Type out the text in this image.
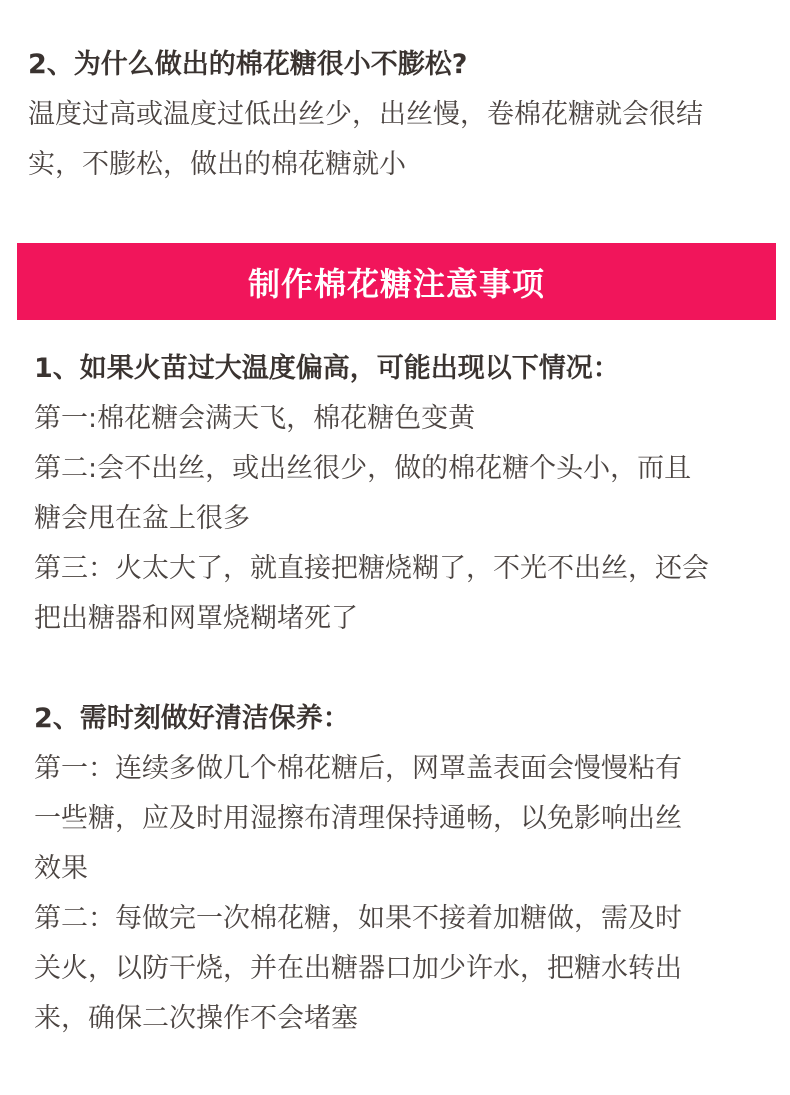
2、为什么做出的棉花糖很小不膨松?

温度过高或温度过低出丝少，出丝慢，卷棉花糖就会很结

实，不膨松，做出的棉花糖就小

制作棉花糖注意事项

1、如果火苗过大温度偏高，可能出现以下情况：

第一:棉花糖会满天飞，棉花糖色变黄

第二:会不出丝，或出丝很少，做的棉花糖个头小，而且

糖会甩在盆上很多

第三：火太大了，就直接把糖烧糊了，不光不出丝，还会

把出糖器和网罩烧糊堵死了

2、需时刻做好清洁保养：

第一：连续多做几个棉花糖后，网罩盖表面会慢慢粘有

一些糖，应及时用湿擦布清理保持通畅，以免影响出丝

效果

第二：每做完一次棉花糖，如果不接着加糖做，需及时

关火，以防干烧，并在出糖器口加少许水，把糖水转出

来，确保二次操作不会堵塞
